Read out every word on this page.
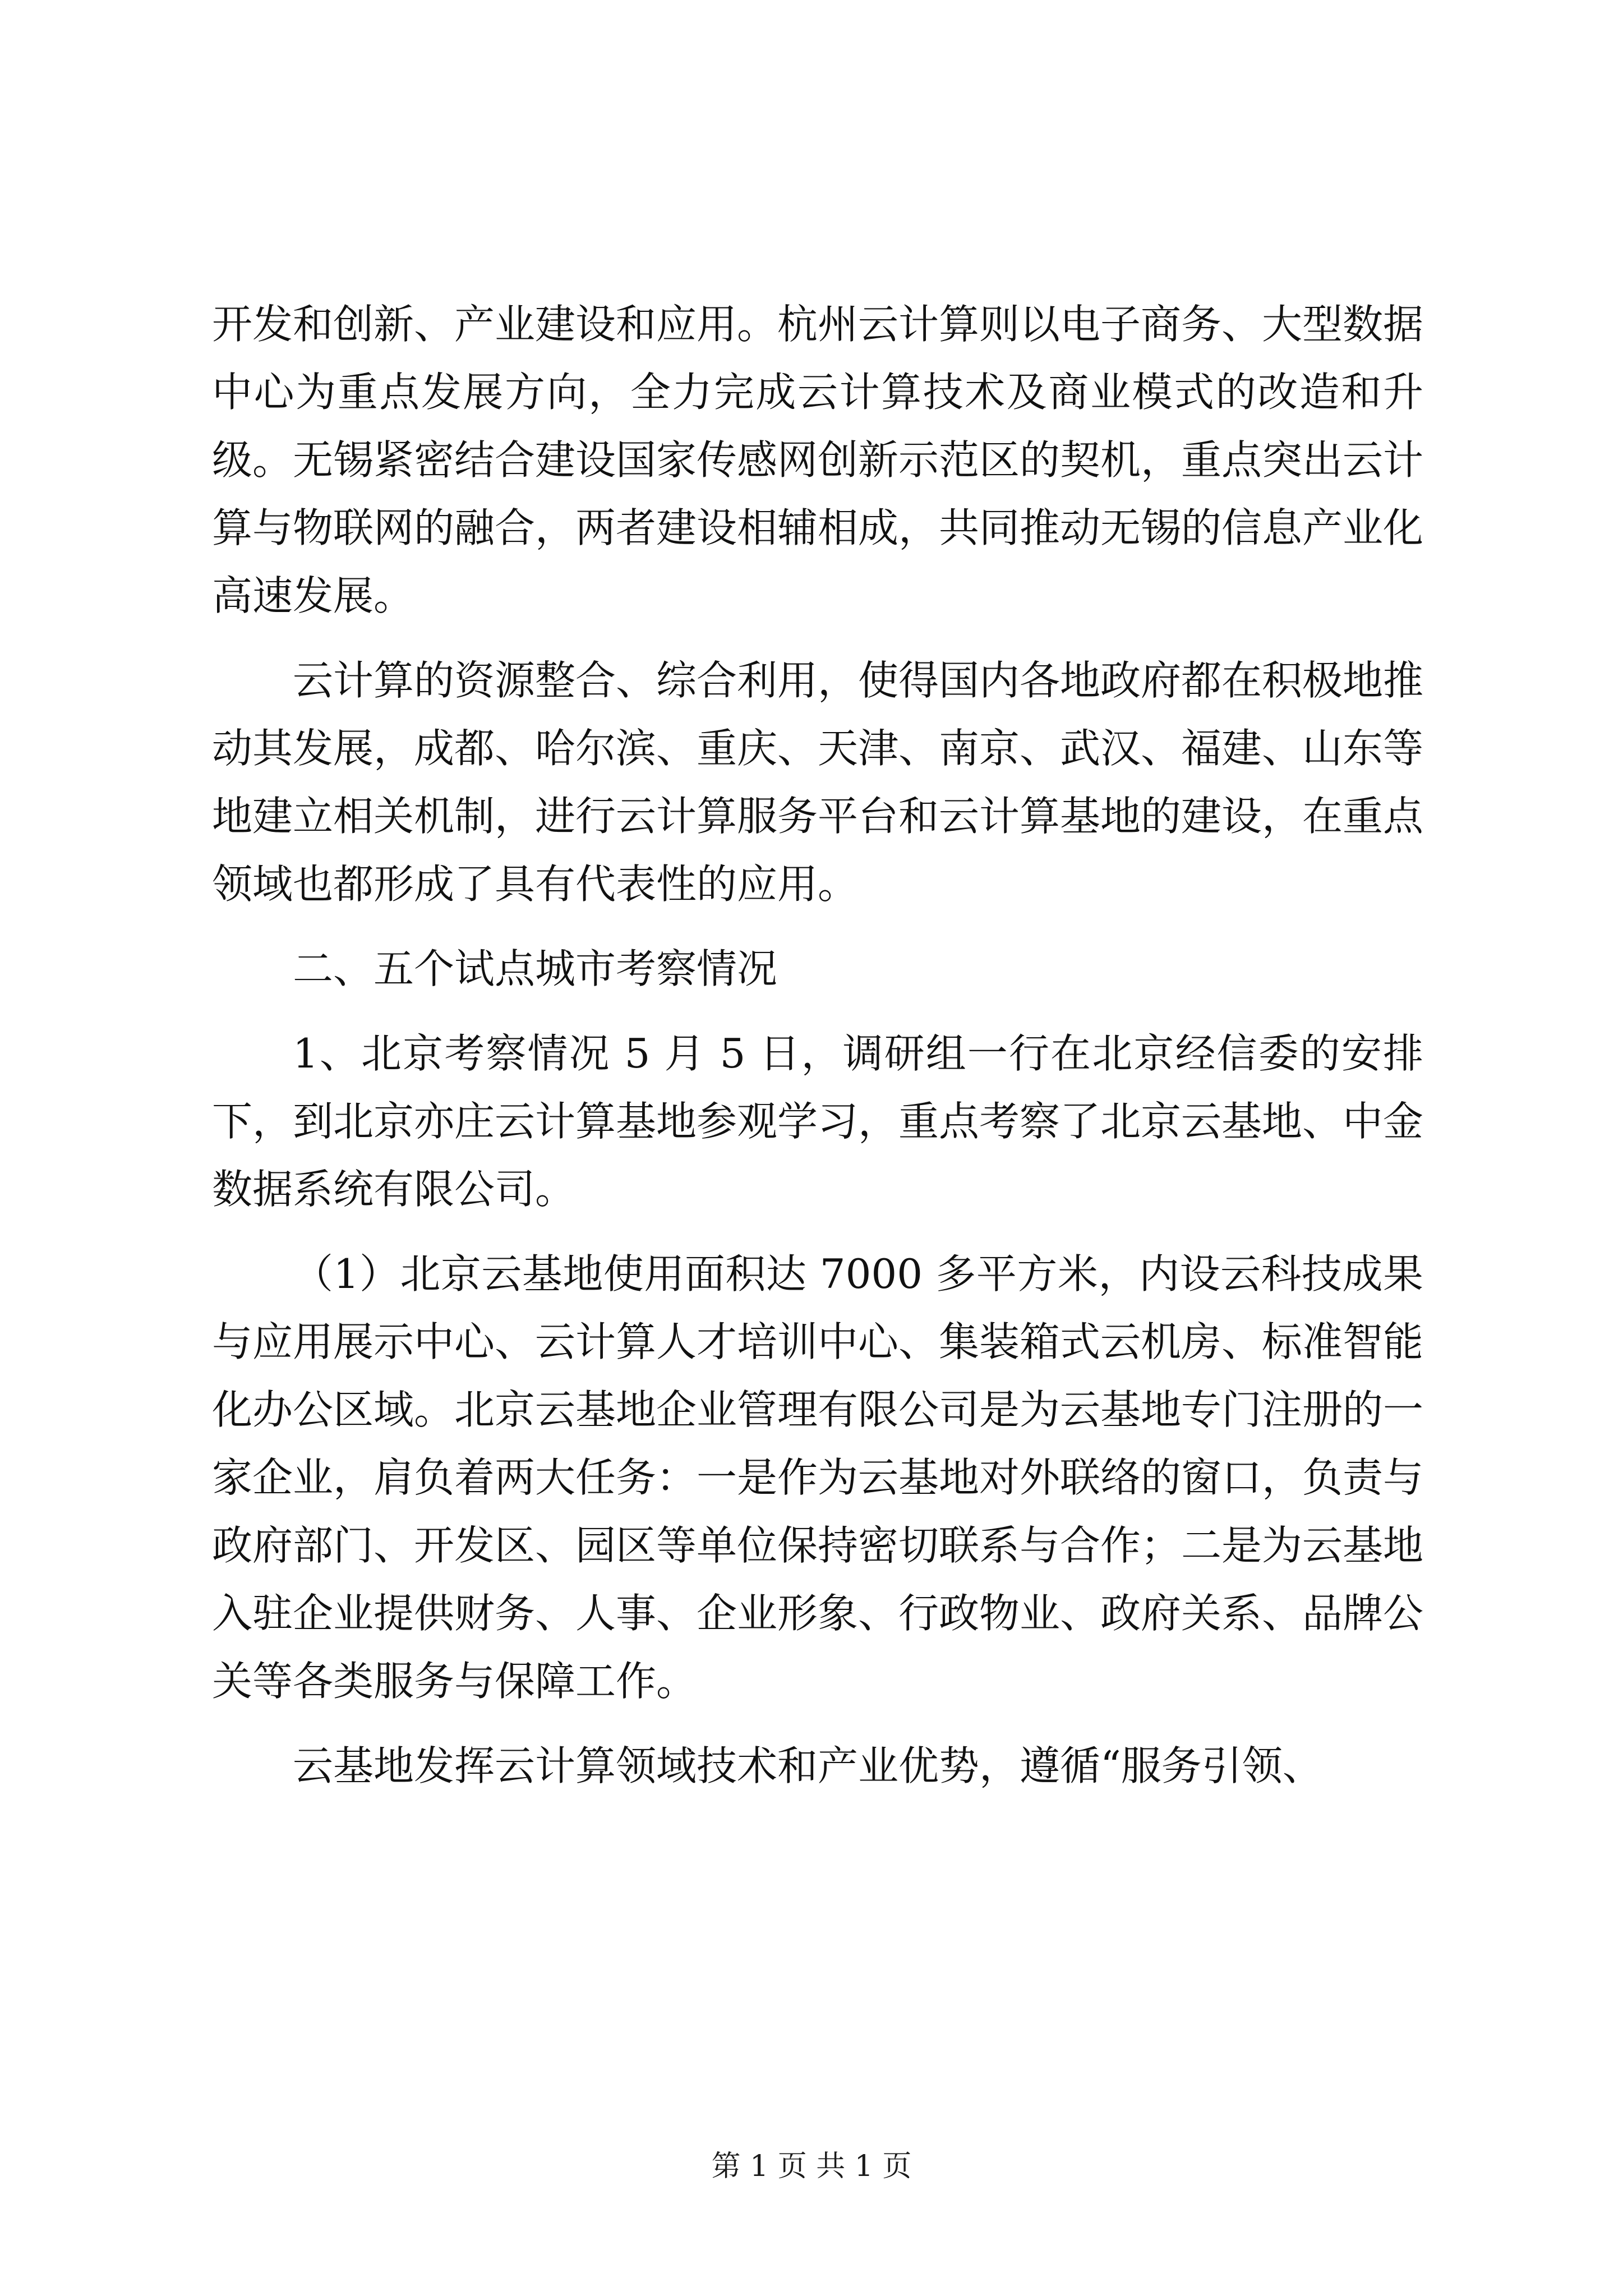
开发和创新、产业建设和应用。杭州云计算则以电子商务、大型数据中心为重点发展方向，全力完成云计算技术及商业模式的改造和升级。无锡紧密结合建设国家传感网创新示范区的契机，重点突出云计算与物联网的融合，两者建设相辅相成，共同推动无锡的信息产业化高速发展。

云计算的资源整合、综合利用，使得国内各地政府都在积极地推动其发展，成都、哈尔滨、重庆、天津、南京、武汉、福建、山东等地建立相关机制，进行云计算服务平台和云计算基地的建设，在重点领域也都形成了具有代表性的应用。

二、五个试点城市考察情况

1、北京考察情况 5 月 5 日，调研组一行在北京经信委的安排下，到北京亦庄云计算基地参观学习，重点考察了北京云基地、中金数据系统有限公司。

（1）北京云基地使用面积达 7000 多平方米，内设云科技成果与应用展示中心、云计算人才培训中心、集装箱式云机房、标准智能化办公区域。北京云基地企业管理有限公司是为云基地专门注册的一家企业，肩负着两大任务：一是作为云基地对外联络的窗口，负责与政府部门、开发区、园区等单位保持密切联系与合作；二是为云基地入驻企业提供财务、人事、企业形象、行政物业、政府关系、品牌公关等各类服务与保障工作。

云基地发挥云计算领域技术和产业优势，遵循“服务引领、

第 1 页 共 1 页
